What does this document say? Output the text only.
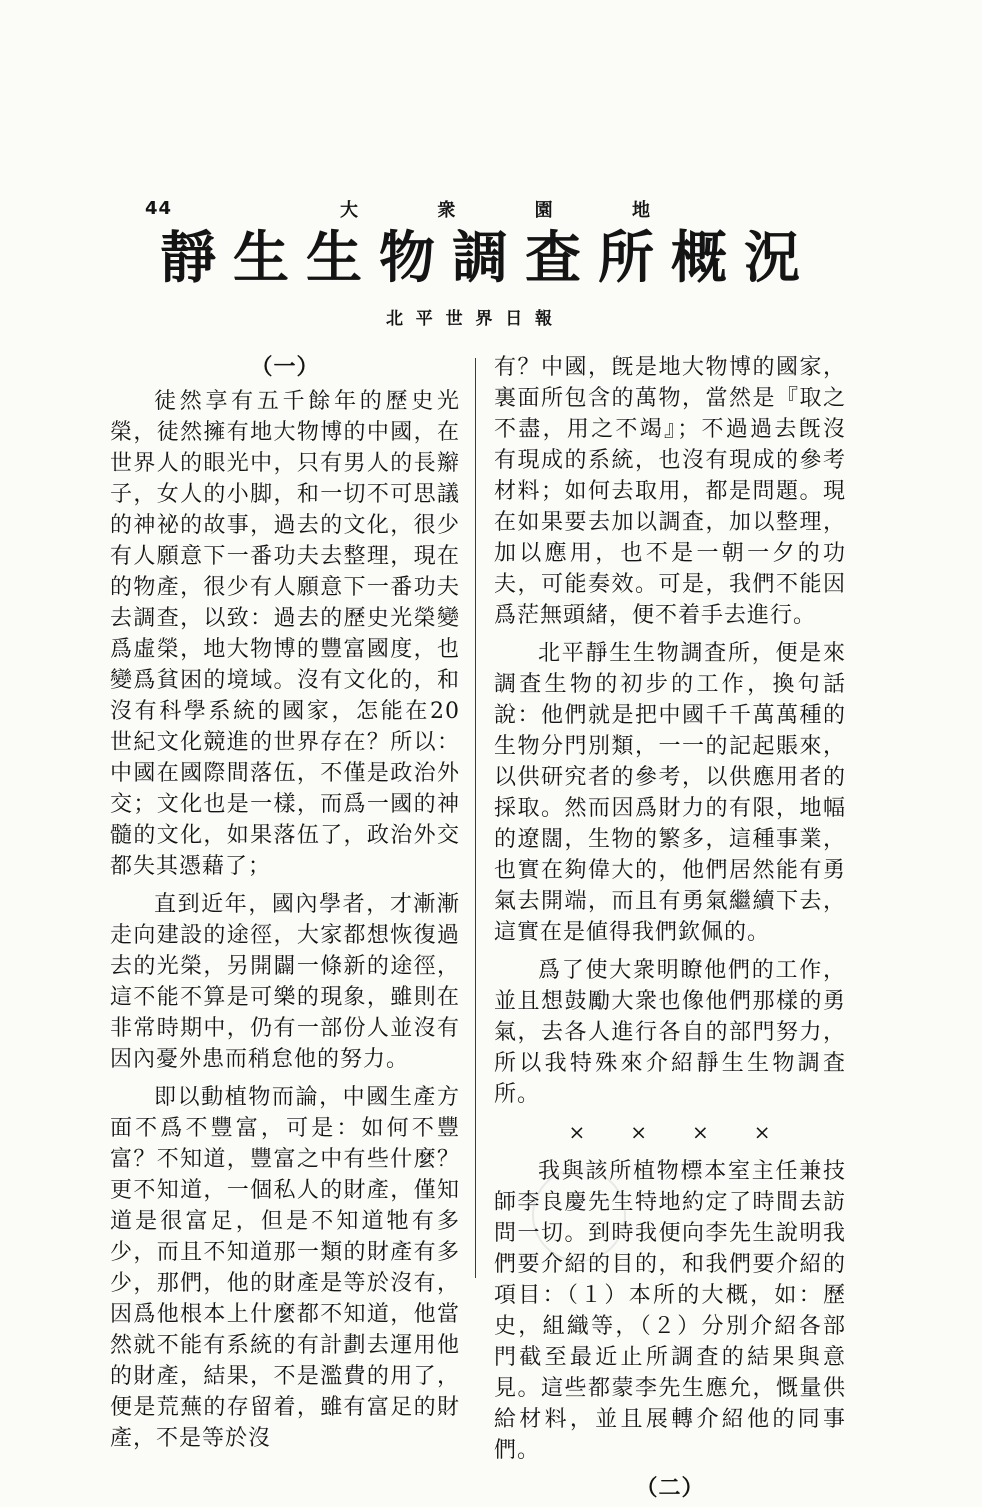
44	大	衆	園	地
靜 生 生 物 調 査 所 概 況
北 平 世 界 日 報
（一）

徒然享有五千餘年的歷史光榮，徒然擁有地大物博的中國，在世界人的眼光中，只有男人的長辮子，女人的小脚，和一切不可思議的神祕的故事，過去的文化，很少有人願意下一番功夫去整理，現在的物產，很少有人願意下一番功夫去調查，以致：過去的歷史光榮變爲虛榮，地大物博的豐富國度，也變爲貧困的境域。沒有文化的，和沒有科學系統的國家，怎能在20世紀文化競進的世界存在？所以：中國在國際間落伍，不僅是政治外交；文化也是一樣，而爲一國的神髓的文化，如果落伍了，政治外交都失其憑藉了；

直到近年，國內學者，才漸漸走向建設的途徑，大家都想恢復過去的光榮，另開闢一條新的途徑，這不能不算是可樂的現象，雖則在非常時期中，仍有一部份人並沒有因內憂外患而稍怠他的努力。

即以動植物而論，中國生產方面不爲不豐富，可是：如何不豐富？不知道，豐富之中有些什麼？更不知道，一個私人的財產，僅知道是很富足，但是不知道牠有多少，而且不知道那一類的財產有多少，那們，他的財產是等於沒有，因爲他根本上什麼都不知道，他當然就不能有系統的有計劃去運用他的財產，結果，不是濫費的用了，便是荒蕪的存留着，雖有富足的財產，不是等於沒

有？中國，旣是地大物博的國家，裏面所包含的萬物，當然是『取之不盡，用之不竭』；不過過去旣沒有現成的系統，也沒有現成的參考材料；如何去取用，都是問題。現在如果要去加以調査，加以整理，加以應用，也不是一朝一夕的功夫，可能奏效。可是，我們不能因爲茫無頭緒，便不着手去進行。

北平靜生生物調査所，便是來調査生物的初步的工作，換句話說：他們就是把中國千千萬萬種的生物分門別類，一一的記起賬來，以供研究者的參考，以供應用者的採取。然而因爲財力的有限，地幅的遼闊，生物的繁多，這種事業，也實在夠偉大的，他們居然能有勇氣去開端，而且有勇氣繼續下去，這實在是値得我們欽佩的。

爲了使大衆明瞭他們的工作，並且想鼓勵大衆也像他們那樣的勇氣，去各人進行各自的部門努力，所以我特殊來介紹靜生生物調査所。

× × × ×

我與該所植物標本室主任兼技師李良慶先生特地約定了時間去訪問一切。到時我便向李先生說明我們要介紹的目的，和我們要介紹的項目：（１）本所的大概，如：歷史，組織等，（２）分別介紹各部門截至最近止所調査的結果與意見。這些都蒙李先生應允，慨量供給材料，並且展轉介紹他的同事們。

（二）
